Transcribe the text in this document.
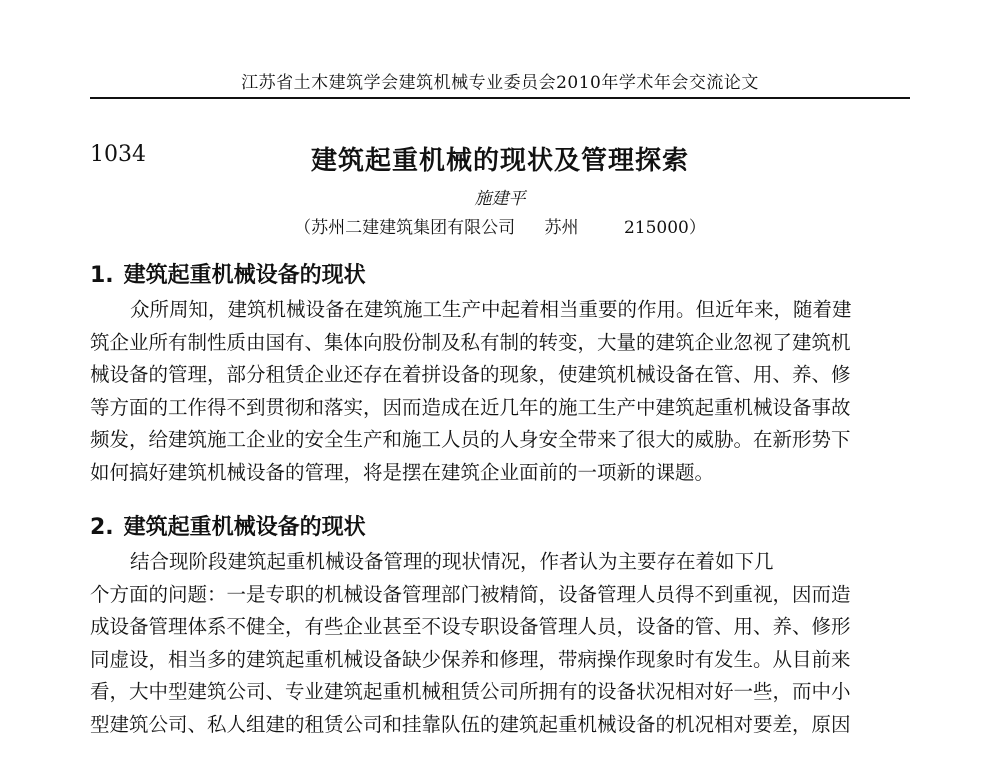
江苏省土木建筑学会建筑机械专业委员会2010年学术年会交流论文
1034	建筑起重机械的现状及管理探索
施建平
（苏州二建建筑集团有限公司 苏州	215000）
1. 建筑起重机械设备的现状
众所周知，建筑机械设备在建筑施工生产中起着相当重要的作用。但近年来，随着建
筑企业所有制性质由国有、集体向股份制及私有制的转变，大量的建筑企业忽视了建筑机
械设备的管理，部分租赁企业还存在着拼设备的现象，使建筑机械设备在管、用、养、修
等方面的工作得不到贯彻和落实，因而造成在近几年的施工生产中建筑起重机械设备事故
频发，给建筑施工企业的安全生产和施工人员的人身安全带来了很大的威胁。在新形势下
如何搞好建筑机械设备的管理，将是摆在建筑企业面前的一项新的课题。
2. 建筑起重机械设备的现状
结合现阶段建筑起重机械设备管理的现状情况，作者认为主要存在着如下几
个方面的问题：一是专职的机械设备管理部门被精简，设备管理人员得不到重视，因而造
成设备管理体系不健全，有些企业甚至不设专职设备管理人员，设备的管、用、养、修形
同虚设，相当多的建筑起重机械设备缺少保养和修理，带病操作现象时有发生。从目前来
看，大中型建筑公司、专业建筑起重机械租赁公司所拥有的设备状况相对好一些，而中小
型建筑公司、私人组建的租赁公司和挂靠队伍的建筑起重机械设备的机况相对要差，原因
